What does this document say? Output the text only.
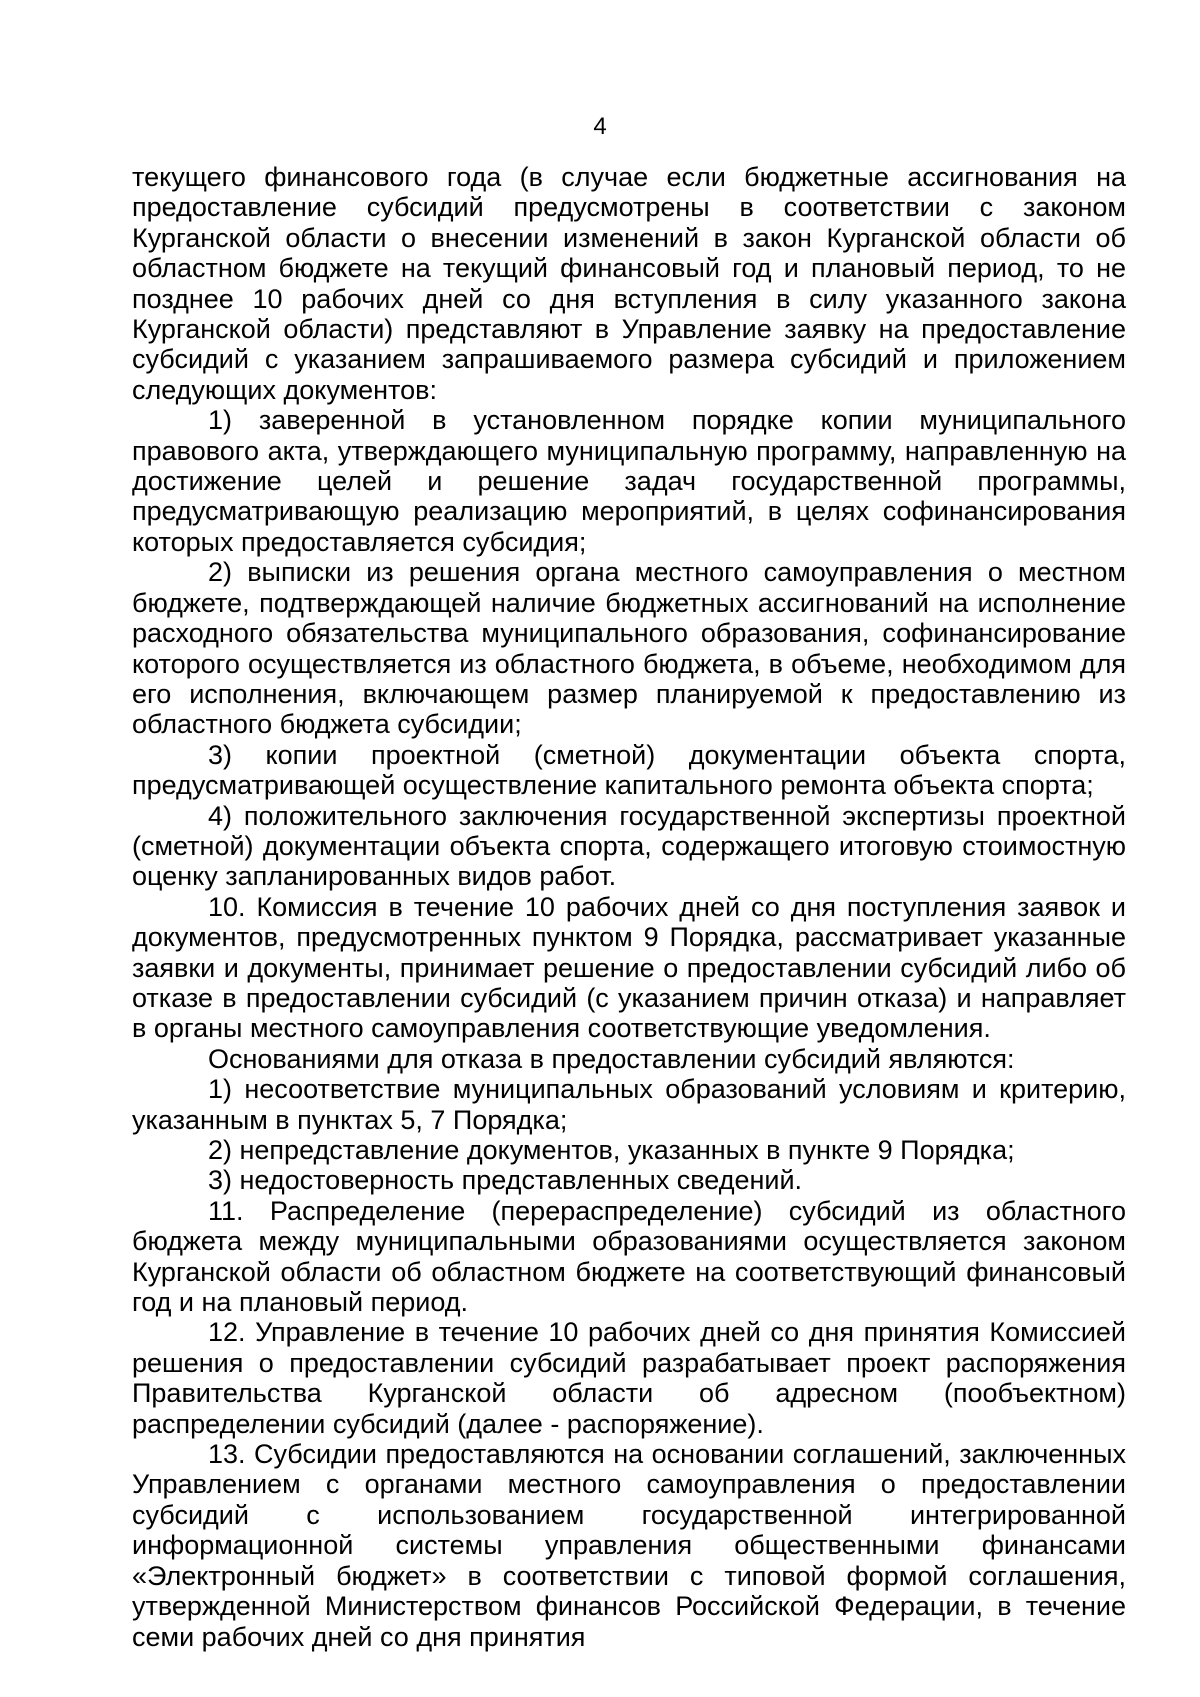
4

текущего финансового года (в случае если бюджетные ассигнования на предоставление субсидий предусмотрены в соответствии с законом Курганской области о внесении изменений в закон Курганской области об областном бюджете на текущий финансовый год и плановый период, то не позднее 10 рабочих дней со дня вступления в силу указанного закона Курганской области) представляют в Управление заявку на предоставление субсидий с указанием запрашиваемого размера субсидий и приложением следующих документов:

1) заверенной в установленном порядке копии муниципального правового акта, утверждающего муниципальную программу, направленную на достижение целей и решение задач государственной программы, предусматривающую реализацию мероприятий, в целях софинансирования которых предоставляется субсидия;

2) выписки из решения органа местного самоуправления о местном бюджете, подтверждающей наличие бюджетных ассигнований на исполнение расходного обязательства муниципального образования, софинансирование которого осуществляется из областного бюджета, в объеме, необходимом для его исполнения, включающем размер планируемой к предоставлению из областного бюджета субсидии;

3) копии проектной (сметной) документации объекта спорта, предусматривающей осуществление капитального ремонта объекта спорта;

4) положительного заключения государственной экспертизы проектной (сметной) документации объекта спорта, содержащего итоговую стоимостную оценку запланированных видов работ.

10. Комиссия в течение 10 рабочих дней со дня поступления заявок и документов, предусмотренных пунктом 9 Порядка, рассматривает указанные заявки и документы, принимает решение о предоставлении субсидий либо об отказе в предоставлении субсидий (с указанием причин отказа) и направляет в органы местного самоуправления соответствующие уведомления.

Основаниями для отказа в предоставлении субсидий являются:

1) несоответствие муниципальных образований условиям и критерию, указанным в пунктах 5, 7 Порядка;

2) непредставление документов, указанных в пункте 9 Порядка;

3) недостоверность представленных сведений.

11. Распределение (перераспределение) субсидий из областного бюджета между муниципальными образованиями осуществляется законом Курганской области об областном бюджете на соответствующий финансовый год и на плановый период.

12. Управление в течение 10 рабочих дней со дня принятия Комиссией решения о предоставлении субсидий разрабатывает проект распоряжения Правительства Курганской области об адресном (пообъектном) распределении субсидий (далее - распоряжение).

13. Субсидии предоставляются на основании соглашений, заключенных Управлением с органами местного самоуправления о предоставлении субсидий с использованием государственной интегрированной информационной системы управления общественными финансами «Электронный бюджет» в соответствии с типовой формой соглашения, утвержденной Министерством финансов Российской Федерации, в течение семи рабочих дней со дня принятия
